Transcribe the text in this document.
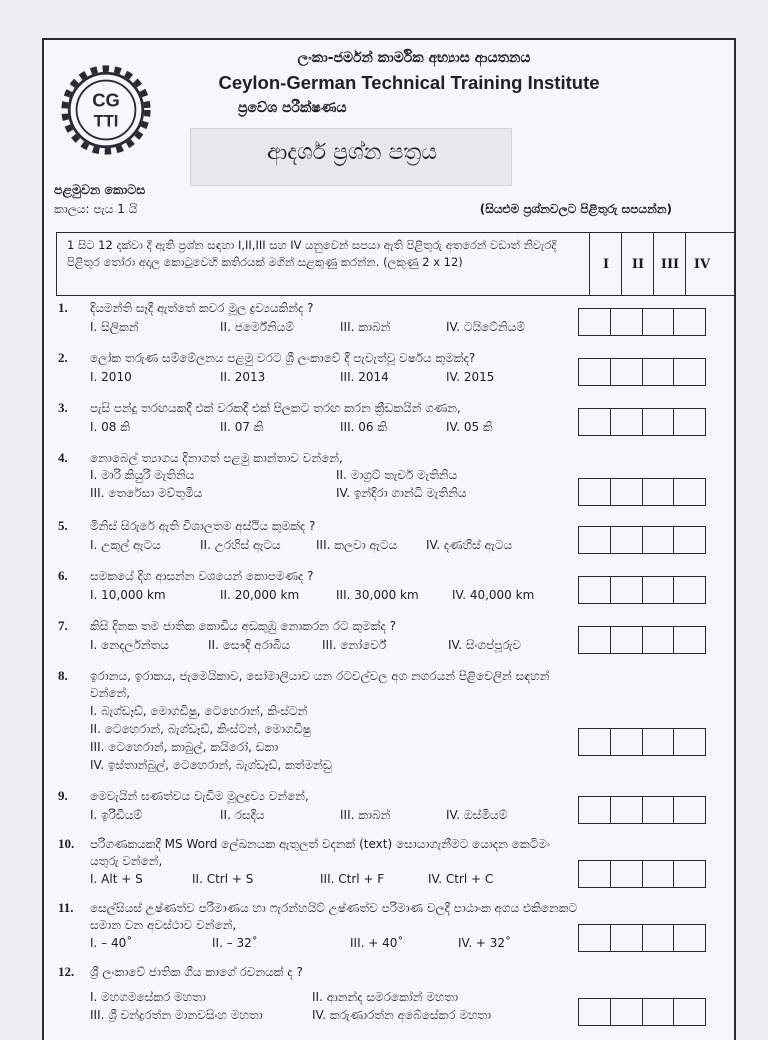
CG
TTI
ලංකා-ජර්මන් කාර්මික අභ්‍යාස ආයතනය
Ceylon-German Technical Training Institute
ප්‍රවේශ පරීක්ෂණය
ආදර්ශ ප්‍රශ්න පත්‍රය
පළමුවන කොටස
කාලය: පැය 1 යි	(සියළුම ප්‍රශ්නවලට පිළිතුරු සපයන්න)
1 සිට 12 දක්වා දී ඇති ප්‍රශ්න සඳහා I,II,III සහ IV යනුවෙන් සපයා ඇති පිළිතුරු අතරෙන් වඩාත් නිවැරදි පිළිතුර තෝරා අදාල කොටුවෙහි කතිරයක් මගින් සළකුණු කරන්න. (ලකුණු 2 x 12)	I	II	III	IV
1. දියමන්ති සෑදී ඇත්තේ කවර මූල ද්‍රව්‍යයකින්ද ?
I. සිලිකන්	II. ජර්මේනියම්	III. කාබන්	IV. ටයිටේනියම්
2. ලෝක තරුණ සම්මේලනය පළමු වරට ශ්‍රී ලංකාවේ දී පැවැත්වූ වර්ෂය කුමක්ද?
I. 2010	II. 2013	III. 2014	IV. 2015
3. පැසි පන්දු තරඟයකදී එක් වරකදී එක් පිලකට තරඟ කරන ක්‍රීඩකයින් ගණන,
I. 08 කි	II. 07 කි	III. 06 කි	IV. 05 කි
4. නොබෙල් ත්‍යාගය දිනාගත් පළමු කාන්තාව වන්නේ,
I. මාරි කියුරි මැතිනිය	II. මාග්‍රට් තැචර් මැතිනිය
III. තෙරේසා මව්තුමිය	IV. ඉන්දිරා ගාන්ධි මැතිනිය
5. මිනිස් සිරුරේ ඇති විශාලතම අස්ථිය කුමක්ද ?
I. උකුල් ඇටය	II. උරහිස් ඇටය	III. කලවා ඇටය IV. දණහිස් ඇටය
6. සමකයේ දිග ආසන්න වශයෙන් කොපමණද ?
I. 10,000 km	II. 20,000 km	III. 30,000 km	IV. 40,000 km
7. කිසි දිනක තම ජාතික කොඩිය අඩකුඹු නොකරන රට කුමක්ද ?
I. නෙදර්ලන්තය	II. සෞදි අරාබිය	III. නෝර්වේ	IV. සිංගප්පූරුව
8. ඉරානය, ඉරාකය, ජැමෙයිකාව, සෝමාලියාව යන රටවල්වල අග නගරයන් පිළිවෙලින් සඳහන් වන්නේ,
I. බැග්ඩෑඩ්, මොගඩිෂු, ටෙහෙරාන්, කිංස්ටන්
II. ටෙහෙරාන්, බැග්ඩෑඩ්, කිංස්ටන්, මොගඩිෂු
III. ටෙහෙරාන්, කාබුල්, කයිරෝ, ඩකා
IV. ඉස්තාන්බුල්, ටෙහෙරාන්, බැග්ඩෑඩ්, කත්මන්ඩු
9. මෙවැයින් ඝණත්වය වැඩිම මූලද්‍රව්‍ය වන්නේ,
I. ඉරිඩියම්	II. රසදිය	III. කාබන්	IV. ඔස්මියම්
10. පරිගණකයකදී MS Word ලේඛනයක ඇතුලත් වදනක් (text) සොයාගැනීමට යොදන කෙටිමං යතුරු වන්නේ,
I. Alt + S	II. Ctrl + S	III. Ctrl + F	IV. Ctrl + C
11. සෙල්සියස් උෂ්ණත්ව පරිමාණය හා ෆැරන්හයිට් උෂ්ණත්ව පරිමාණ වලදී පාඨාංක අගය එකිනෙකට සමාන වන අවස්ථාව වන්නේ,
I. – 40˚	II. – 32˚	III. + 40˚	IV. + 32˚
12. ශ්‍රී ලංකාවේ ජාතික ගීය කාගේ රචනයක් ද ?
I. මහගමසේකර මහතා	II. ආනන්ද සමරකෝන් මහතා
III. ශ්‍රී චන්ද්‍රරත්න මානවසිංහ මහතා	IV. කරුණාරත්න අබේසේකර මහතා
